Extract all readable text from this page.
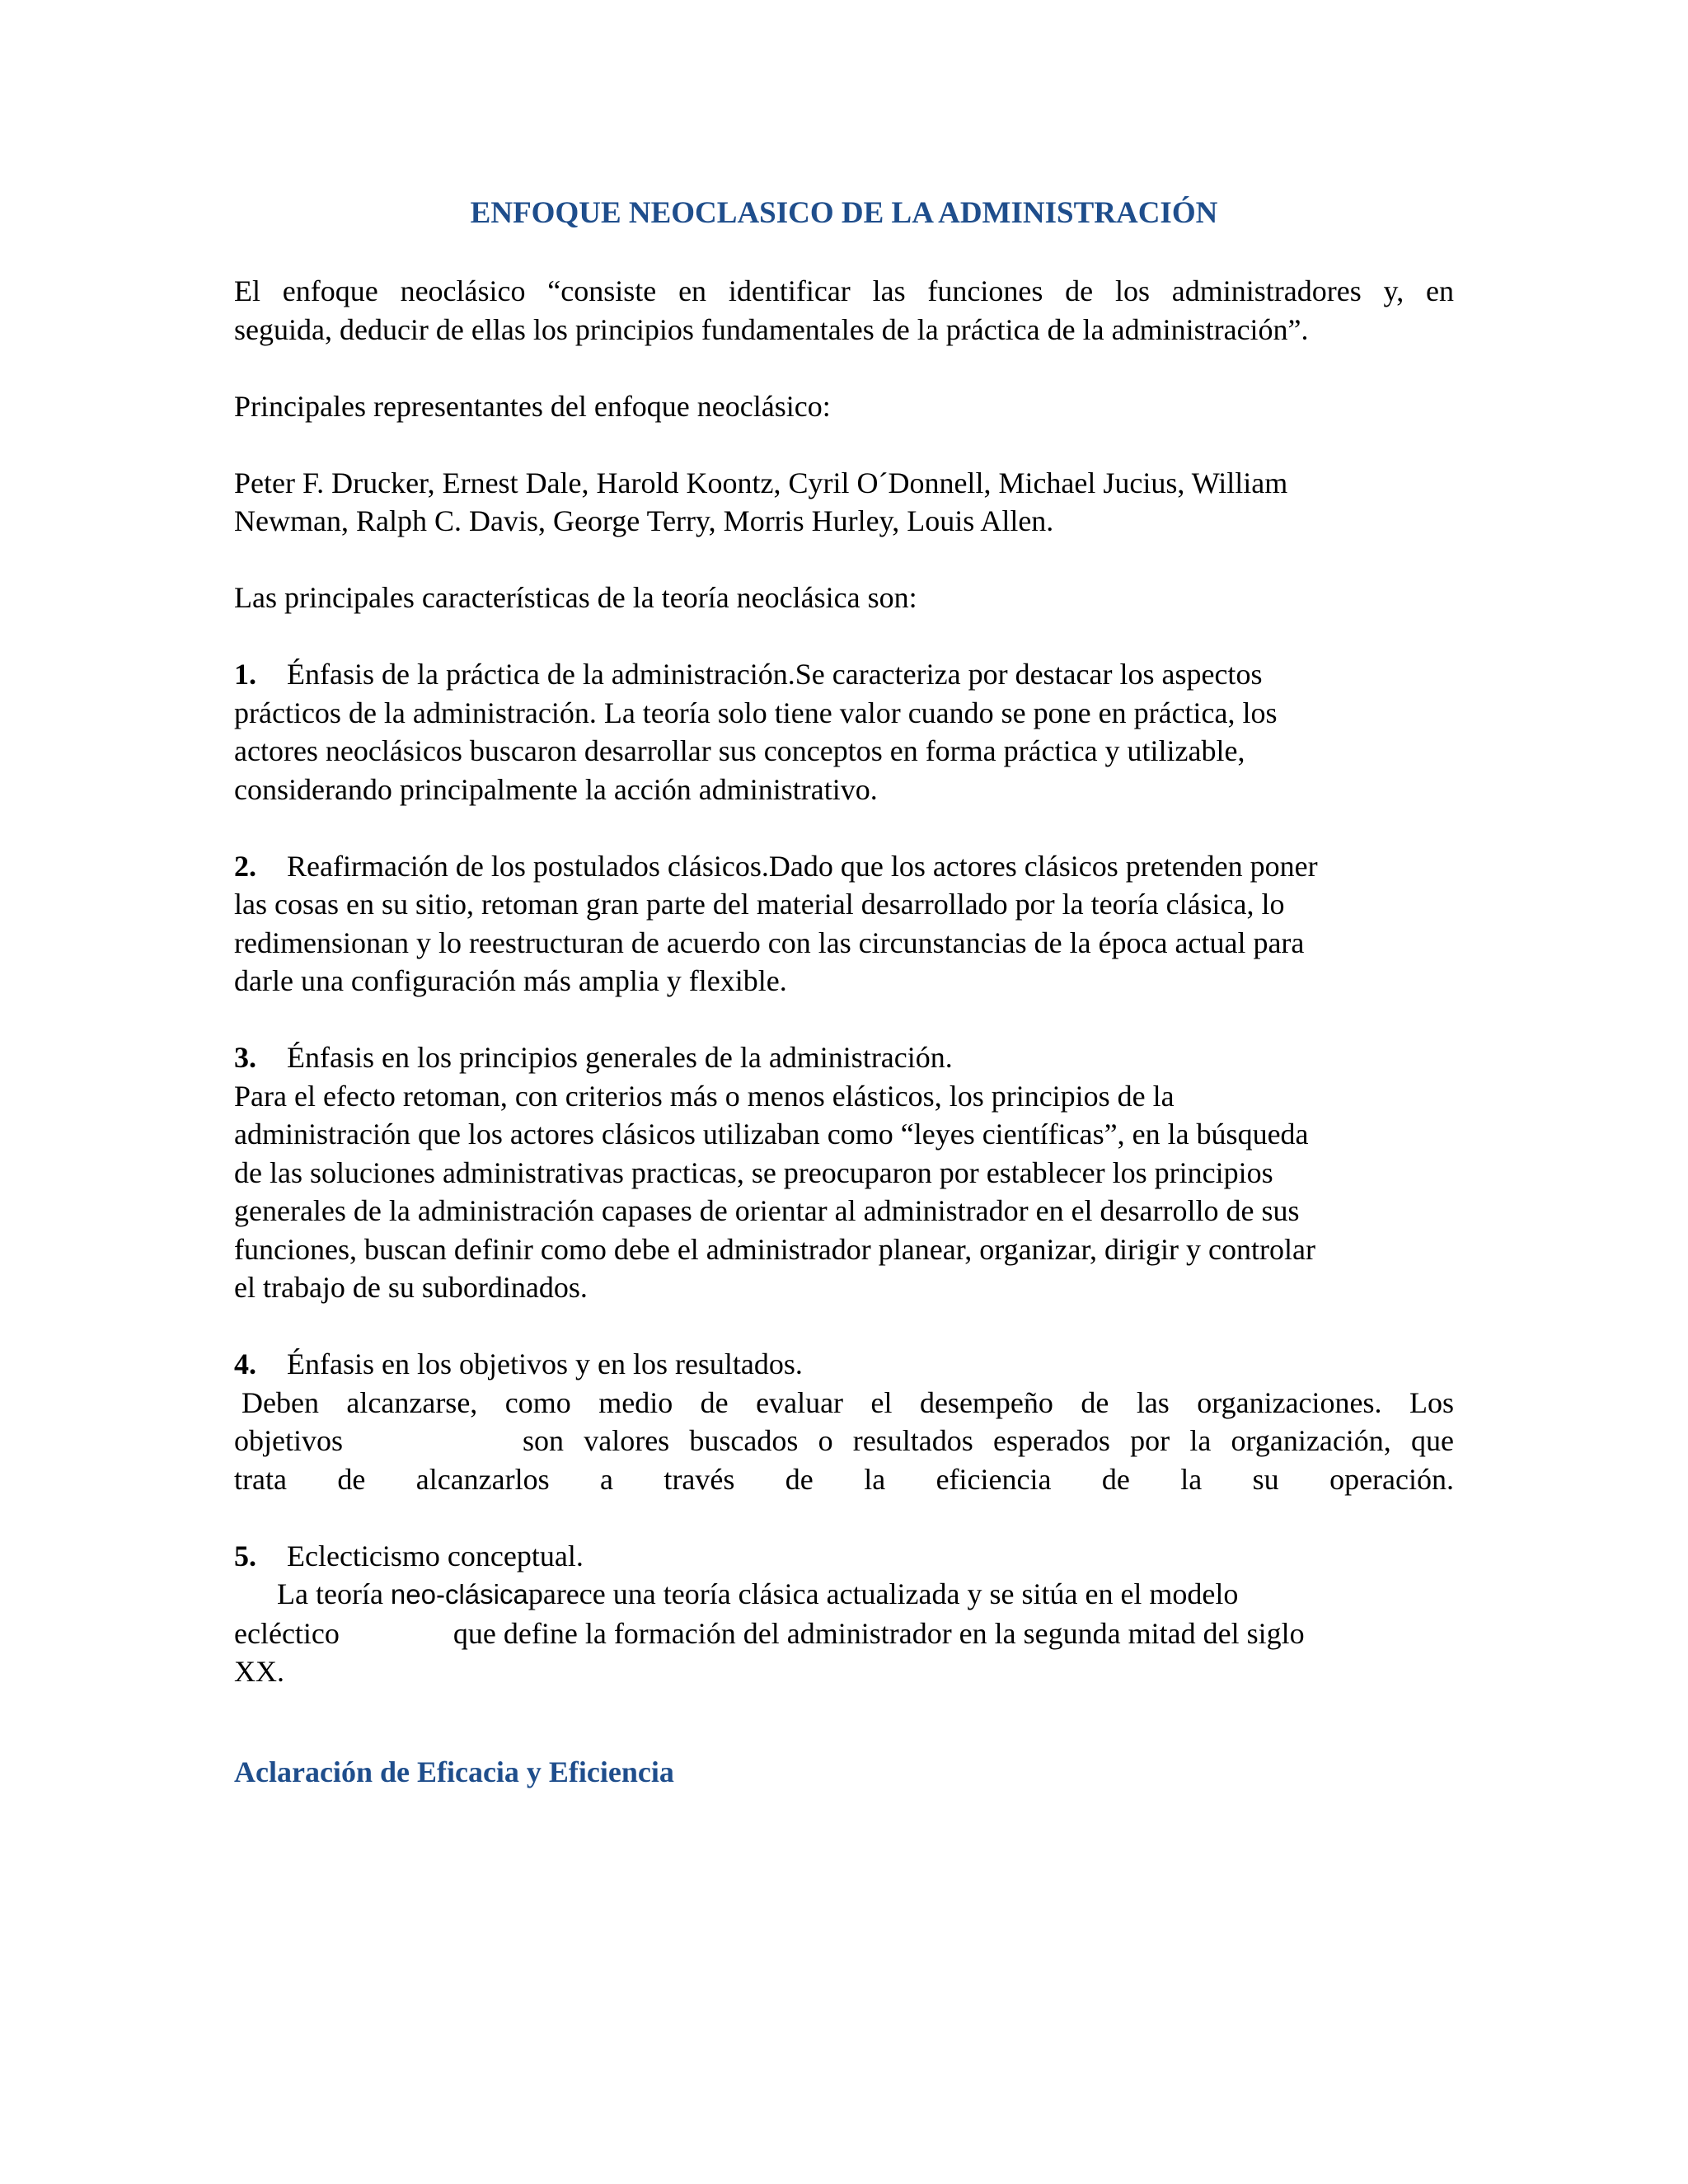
ENFOQUE NEOCLASICO DE LA ADMINISTRACIÓN

El enfoque neoclásico “consiste en identificar las funciones de los administradores y, en

seguida, deducir de ellas los principios fundamentales de la práctica de la administración”.

Principales representantes del enfoque neoclásico:

Peter F. Drucker, Ernest Dale, Harold Koontz, Cyril O´Donnell, Michael Jucius, William

Newman, Ralph C. Davis, George Terry, Morris Hurley, Louis Allen.

Las principales características de la teoría neoclásica son:

1. Énfasis de la práctica de la administración.Se caracteriza por destacar los aspectos

prácticos de la administración. La teoría solo tiene valor cuando se pone en práctica, los

actores neoclásicos buscaron desarrollar sus conceptos en forma práctica y utilizable,

considerando principalmente la acción administrativo.

2. Reafirmación de los postulados clásicos.Dado que los actores clásicos pretenden poner

las cosas en su sitio, retoman gran parte del material desarrollado por la teoría clásica, lo

redimensionan y lo reestructuran de acuerdo con las circunstancias de la época actual para

darle una configuración más amplia y flexible.

3. Énfasis en los principios generales de la administración.

Para el efecto retoman, con criterios más o menos elásticos, los principios de la

administración que los actores clásicos utilizaban como “leyes científicas”, en la búsqueda

de las soluciones administrativas practicas, se preocuparon por establecer los principios

generales de la administración capases de orientar al administrador en el desarrollo de sus

funciones, buscan definir como debe el administrador planear, organizar, dirigir y controlar

el trabajo de su subordinados.

4. Énfasis en los objetivos y en los resultados.

Deben alcanzarse, como medio de evaluar el desempeño de las organizaciones. Los

objetivos	son valores buscados o resultados esperados por la organización, que

trata de alcanzarlos a través de la eficiencia de la su operación.

5. Eclecticismo conceptual.

La teoría neo-clásicaparece una teoría clásica actualizada y se sitúa en el modelo

ecléctico	que define la formación del administrador en la segunda mitad del siglo

XX.

Aclaración de Eficacia y Eficiencia
